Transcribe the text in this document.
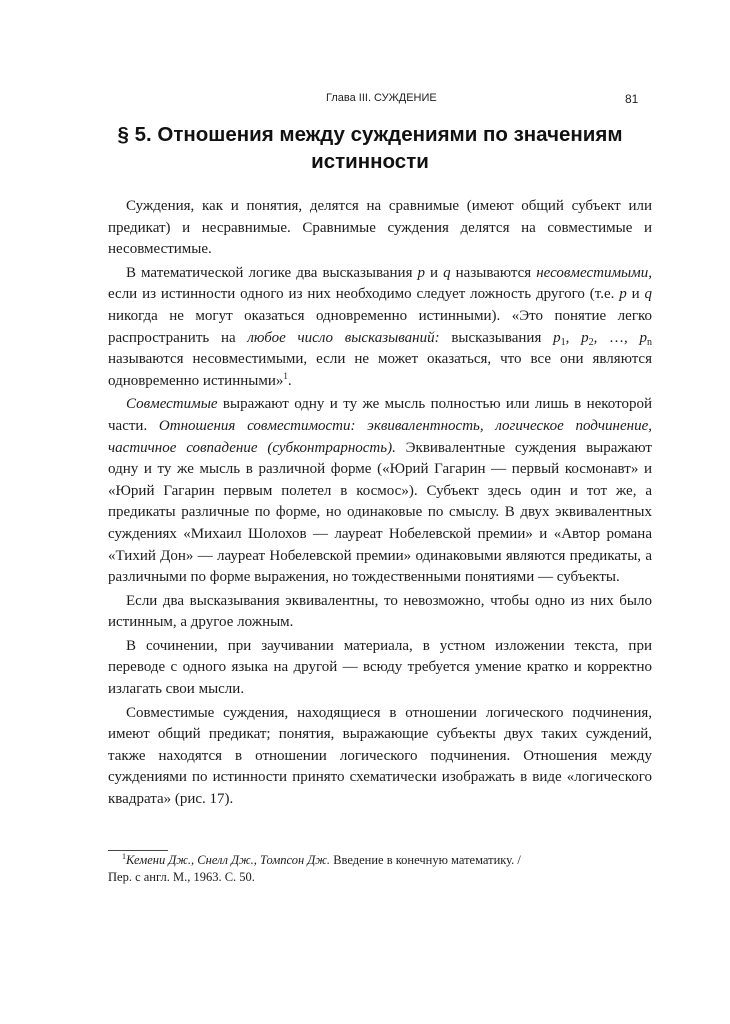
Глава III. СУЖДЕНИЕ	81
§ 5. Отношения между суждениями по значениям истинности

Суждения, как и понятия, делятся на сравнимые (имеют общий субъект или предикат) и несравнимые. Сравнимые суждения делятся на совместимые и несовместимые.

В математической логике два высказывания р и q называются несовместимыми, если из истинности одного из них необходимо следует ложность другого (т.е. р и q никогда не могут оказаться одновременно истинными). «Это понятие легко распространить на любое число высказываний: высказывания $р_1$, $р_2$, …, $р_n$ называются несовместимыми, если не может оказаться, что все они являются одновременно истинными»$^1$.

Совместимые выражают одну и ту же мысль полностью или лишь в некоторой части. Отношения совместимости: эквивалентность, логическое подчинение, частичное совпадение (субконтрарность). Эквивалентные суждения выражают одну и ту же мысль в различной форме («Юрий Гагарин — первый космонавт» и «Юрий Гагарин первым полетел в космос»). Субъект здесь один и тот же, а предикаты различные по форме, но одинаковые по смыслу. В двух эквивалентных суждениях «Михаил Шолохов — лауреат Нобелевской премии» и «Автор романа «Тихий Дон» — лауреат Нобелевской премии» одинаковыми являются предикаты, а различными по форме выражения, но тождественными понятиями — субъекты.

Если два высказывания эквивалентны, то невозможно, чтобы одно из них было истинным, а другое ложным.

В сочинении, при заучивании материала, в устном изложении текста, при переводе с одного языка на другой — всюду требуется умение кратко и корректно излагать свои мысли.

Совместимые суждения, находящиеся в отношении логического подчинения, имеют общий предикат; понятия, выражающие субъекты двух таких суждений, также находятся в отношении логического подчинения. Отношения между суждениями по истинности принято схематически изображать в виде «логического квадрата» (рис. 17).

$^1$Кемени Дж., Снелл Дж., Томпсон Дж. Введение в конечную математику. / Пер. с англ. М., 1963. С. 50.
